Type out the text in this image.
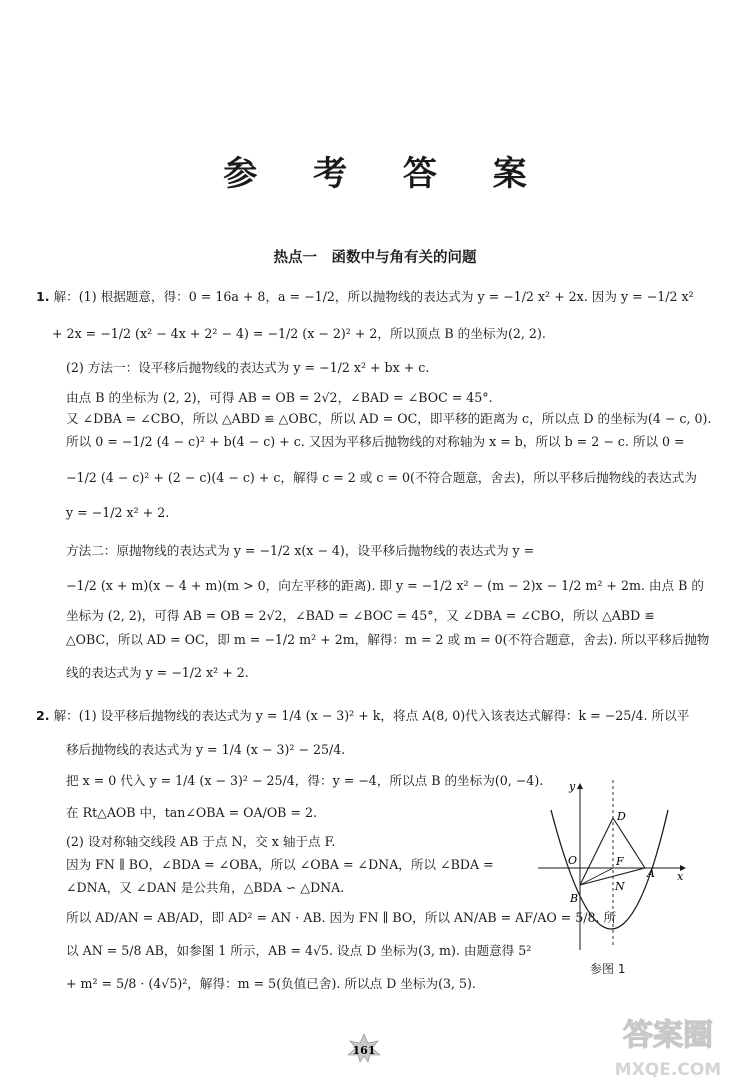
参 考 答 案
热点一　函数中与角有关的问题
1. 解：(1) 根据题意，得：0 = 16a + 8，a = −1/2，所以抛物线的表达式为 y = −1/2 x² + 2x. 因为 y = −1/2 x²
+ 2x = −1/2 (x² − 4x + 2² − 4) = −1/2 (x − 2)² + 2，所以顶点 B 的坐标为(2, 2).
(2) 方法一：设平移后抛物线的表达式为 y = −1/2 x² + bx + c.
由点 B 的坐标为 (2, 2)，可得 AB = OB = 2√2，∠BAD = ∠BOC = 45°.
又 ∠DBA = ∠CBO，所以 △ABD ≌ △OBC，所以 AD = OC，即平移的距离为 c，所以点 D 的坐标为(4 − c, 0).
所以 0 = −1/2 (4 − c)² + b(4 − c) + c. 又因为平移后抛物线的对称轴为 x = b，所以 b = 2 − c. 所以 0 =
−1/2 (4 − c)² + (2 − c)(4 − c) + c，解得 c = 2 或 c = 0(不符合题意，舍去)，所以平移后抛物线的表达式为
y = −1/2 x² + 2.
方法二：原抛物线的表达式为 y = −1/2 x(x − 4)，设平移后抛物线的表达式为 y =
−1/2 (x + m)(x − 4 + m)(m > 0，向左平移的距离). 即 y = −1/2 x² − (m − 2)x − 1/2 m² + 2m. 由点 B 的
坐标为 (2, 2)，可得 AB = OB = 2√2，∠BAD = ∠BOC = 45°，又 ∠DBA = ∠CBO，所以 △ABD ≌
△OBC，所以 AD = OC，即 m = −1/2 m² + 2m，解得：m = 2 或 m = 0(不符合题意，舍去). 所以平移后抛物
线的表达式为 y = −1/2 x² + 2.
2. 解：(1) 设平移后抛物线的表达式为 y = 1/4 (x − 3)² + k，将点 A(8, 0)代入该表达式解得：k = −25/4. 所以平
移后抛物线的表达式为 y = 1/4 (x − 3)² − 25/4.
把 x = 0 代入 y = 1/4 (x − 3)² − 25/4，得：y = −4，所以点 B 的坐标为(0, −4).
在 Rt△AOB 中，tan∠OBA = OA/OB = 2.
(2) 设对称轴交线段 AB 于点 N，交 x 轴于点 F.
因为 FN ∥ BO，∠BDA = ∠OBA，所以 ∠OBA = ∠DNA，所以 ∠BDA =
∠DNA，又 ∠DAN 是公共角，△BDA ∽ △DNA.
所以 AD/AN = AB/AD，即 AD² = AN · AB. 因为 FN ∥ BO，所以 AN/AB = AF/AO = 5/8. 所
以 AN = 5/8 AB，如参图 1 所示，AB = 4√5. 设点 D 坐标为(3, m). 由题意得 5²
+ m² = 5/8 · (4√5)²，解得：m = 5(负值已舍). 所以点 D 坐标为(3, 5).
y
x
O
D
F
A
N
B
参图 1
161	答案圈
MXQE.COM
